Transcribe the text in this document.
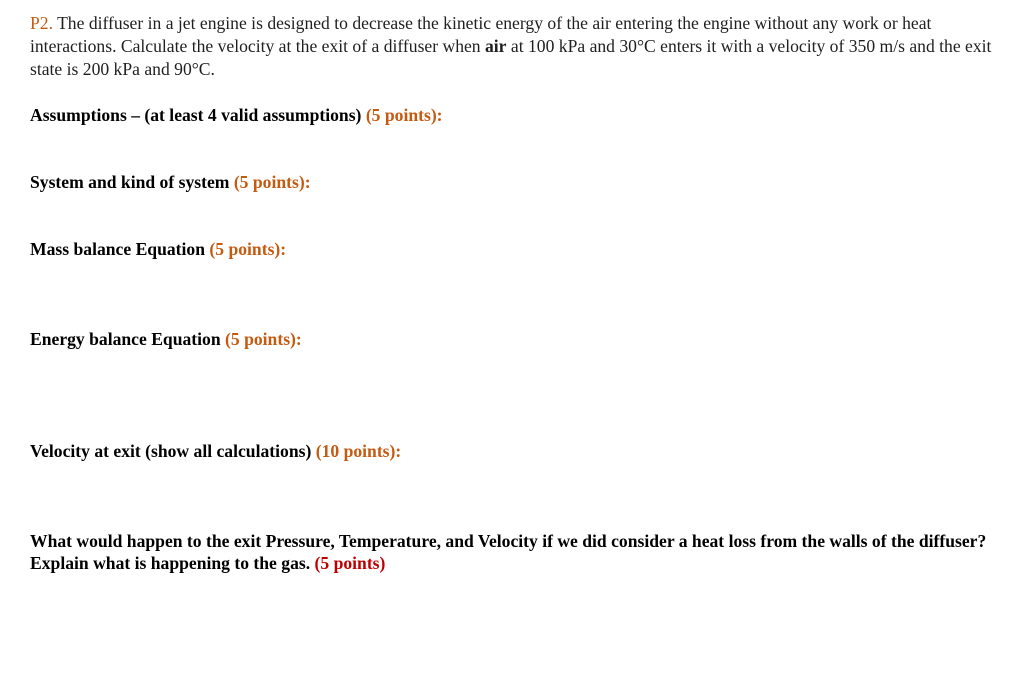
P2. The diffuser in a jet engine is designed to decrease the kinetic energy of the air entering the engine without any work or heat interactions. Calculate the velocity at the exit of a diffuser when air at 100 kPa and 30°C enters it with a velocity of 350 m/s and the exit state is 200 kPa and 90°C.
Assumptions – (at least 4 valid assumptions) (5 points):
System and kind of system (5 points):
Mass balance Equation (5 points):
Energy balance Equation (5 points):
Velocity at exit (show all calculations) (10 points):
What would happen to the exit Pressure, Temperature, and Velocity if we did consider a heat loss from the walls of the diffuser? Explain what is happening to the gas. (5 points)
